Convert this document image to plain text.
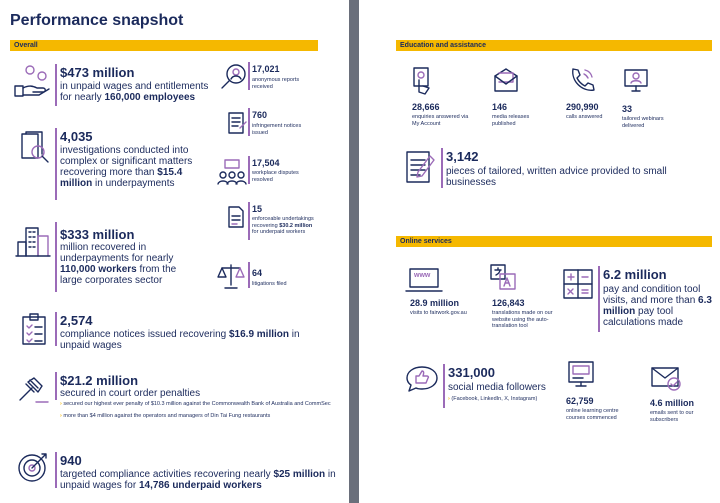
Performance snapshot
Overall	Education and assistance
Online services
$473 million
in unpaid wages and entitlements for nearly 160,000 employees
4,035
investigations conducted into complex or significant matters recovering more than $15.4 million in underpayments
$333 million
million recovered in underpayments for nearly 110,000 workers from the large corporates sector
2,574
compliance notices issued recovering $16.9 million in unpaid wages
$21.2 million
secured in court order penalties
› secured our highest ever penalty of $10.3 million against the Commonwealth Bank of Australia and CommSec
› more than $4 million against the operators and managers of Din Tai Fung restaurants
940
targeted compliance activities recovering nearly $25 million in unpaid wages for 14,786 underpaid workers
17,021
anonymous reports received
760
infringement notices issued
17,504
workplace disputes resolved
15
enforceable undertakings recovering $30.2 million for underpaid workers
64
litigations filed
28,666
enquiries answered via My Account
146
media releases published
290,990
calls answered
33
tailored webinars delivered
3,142
pieces of tailored, written advice provided to small businesses
www
28.9 million
visits to fairwork.gov.au
126,843
translations made on our website using the auto-translation tool
6.2 million
pay and condition tool visits, and more than 6.3 million pay tool calculations made
331,000
social media followers
› (Facebook, LinkedIn, X, Instagram)	62,759
online learning centre courses commenced
4.6 million
emails sent to our subscribers
